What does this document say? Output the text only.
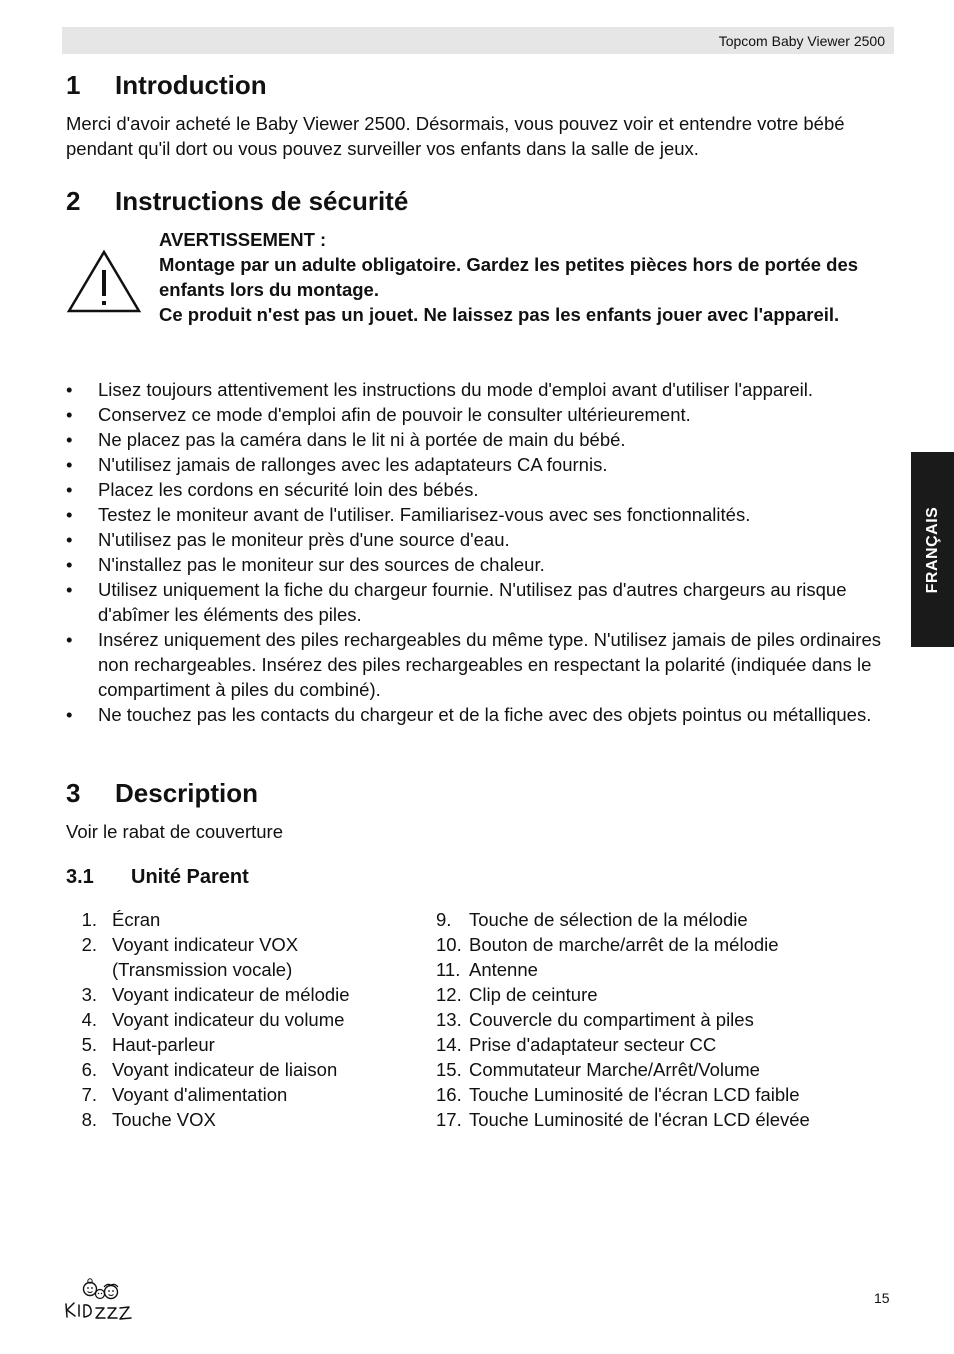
Topcom Baby Viewer 2500
FRANÇAIS
1 Introduction

Merci d'avoir acheté le Baby Viewer 2500. Désormais, vous pouvez voir et entendre votre bébé pendant qu'il dort ou vous pouvez surveiller vos enfants dans la salle de jeux.

2 Instructions de sécurité
AVERTISSEMENT :
Montage par un adulte obligatoire. Gardez les petites pièces hors de portée des enfants lors du montage.
Ce produit n'est pas un jouet. Ne laissez pas les enfants jouer avec l'appareil.
• Lisez toujours attentivement les instructions du mode d'emploi avant d'utiliser l'appareil.
• Conservez ce mode d'emploi afin de pouvoir le consulter ultérieurement.
• Ne placez pas la caméra dans le lit ni à portée de main du bébé.
• N'utilisez jamais de rallonges avec les adaptateurs CA fournis.
• Placez les cordons en sécurité loin des bébés.
• Testez le moniteur avant de l'utiliser. Familiarisez-vous avec ses fonctionnalités.
• N'utilisez pas le moniteur près d'une source d'eau.
• N'installez pas le moniteur sur des sources de chaleur.
• Utilisez uniquement la fiche du chargeur fournie. N'utilisez pas d'autres chargeurs au risque d'abîmer les éléments des piles.
• Insérez uniquement des piles rechargeables du même type. N'utilisez jamais de piles ordinaires non rechargeables. Insérez des piles rechargeables en respectant la polarité (indiquée dans le compartiment à piles du combiné).
• Ne touchez pas les contacts du chargeur et de la fiche avec des objets pointus ou métalliques.
3 Description

Voir le rabat de couverture

3.1 Unité Parent
1. Écran
2. Voyant indicateur VOX (Transmission vocale)
3. Voyant indicateur de mélodie
4. Voyant indicateur du volume
5. Haut-parleur
6. Voyant indicateur de liaison
7. Voyant d'alimentation
8. Touche VOX
9. Touche de sélection de la mélodie
10. Bouton de marche/arrêt de la mélodie
11. Antenne
12. Clip de ceinture
13. Couvercle du compartiment à piles
14. Prise d'adaptateur secteur CC
15. Commutateur Marche/Arrêt/Volume
16. Touche Luminosité de l'écran LCD faible
17. Touche Luminosité de l'écran LCD élevée
15
